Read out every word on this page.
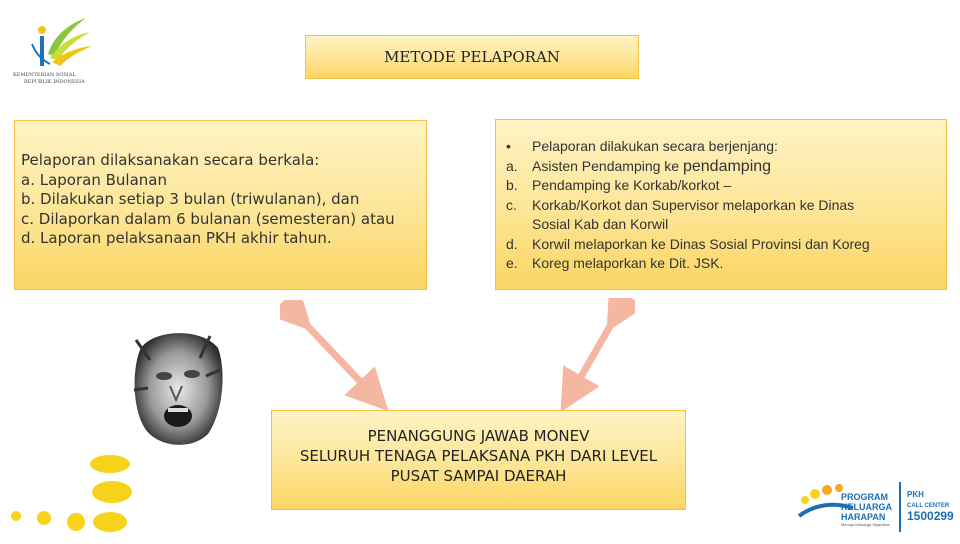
KEMENTERIAN SOSIAL
REPUBLIK INDONESIA
METODE PELAPORAN
Pelaporan dilaksanakan secara berkala:
a. Laporan Bulanan
b. Dilakukan setiap 3 bulan (triwulanan), dan
c. Dilaporkan dalam 6 bulanan (semesteran) atau
d. Laporan pelaksanaan PKH akhir tahun.
•	Pelaporan dilakukan secara berjenjang:
a.	Asisten Pendamping ke pendamping
b.	Pendamping ke Korkab/korkot –
c.	Korkab/Korkot dan Supervisor melaporkan ke Dinas
Sosial Kab dan Korwil
d.	Korwil melaporkan ke Dinas Sosial Provinsi dan Koreg
e.	Koreg melaporkan ke Dit. JSK.
PENANGGUNG JAWAB MONEV
SELURUH TENAGA PELAKSANA PKH DARI LEVEL
PUSAT SAMPAI DAERAH
PROGRAM
KELUARGA
HARAPAN
Menuju Keluarga Sejahtera
PKH
CALL CENTER
1500299
